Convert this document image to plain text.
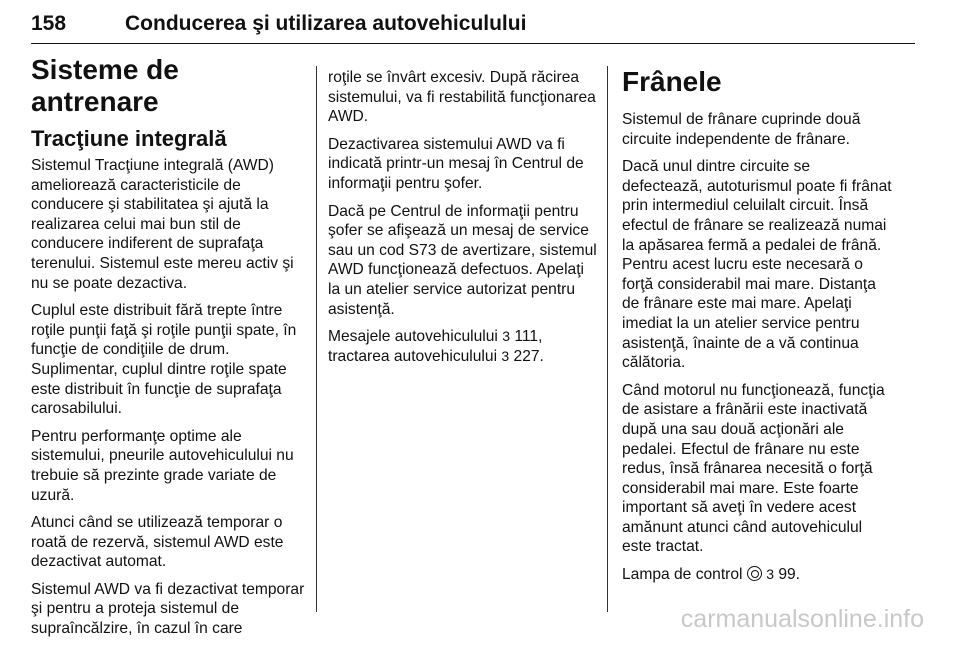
158	Conducerea şi utilizarea autovehiculului
Sisteme de antrenare
Tracţiune integrală

Sistemul Tracţiune integrală (AWD) ameliorează caracteristicile de conducere şi stabilitatea şi ajută la realizarea celui mai bun stil de conducere indiferent de suprafaţa terenului. Sistemul este mereu activ şi nu se poate dezactiva.

Cuplul este distribuit fără trepte între roţile punţii faţă şi roţile punţii spate, în funcţie de condiţiile de drum. Suplimentar, cuplul dintre roţile spate este distribuit în funcţie de suprafaţa carosabilului.

Pentru performanţe optime ale sistemului, pneurile autovehiculului nu trebuie să prezinte grade variate de uzură.

Atunci când se utilizează temporar o roată de rezervă, sistemul AWD este dezactivat automat.

Sistemul AWD va fi dezactivat temporar şi pentru a proteja sistemul de supraîncălzire, în cazul în care

roţile se învârt excesiv. După răcirea sistemului, va fi restabilită funcţionarea AWD.

Dezactivarea sistemului AWD va fi indicată printr-un mesaj în Centrul de informaţii pentru şofer.

Dacă pe Centrul de informaţii pentru şofer se afişează un mesaj de service sau un cod S73 de avertizare, sistemul AWD funcţionează defectuos. Apelaţi la un atelier service autorizat pentru asistenţă.

Mesajele autovehiculului 3 111,
tractarea autovehiculului 3 227.

Frânele

Sistemul de frânare cuprinde două circuite independente de frânare.

Dacă unul dintre circuite se defectează, autoturismul poate fi frânat prin intermediul celuilalt circuit. Însă efectul de frânare se realizează numai la apăsarea fermă a pedalei de frână. Pentru acest lucru este necesară o forţă considerabil mai mare. Distanţa de frânare este mai mare. Apelaţi imediat la un atelier service pentru asistenţă, înainte de a vă continua călătoria.

Când motorul nu funcţionează, funcţia de asistare a frânării este inactivată după una sau două acţionări ale pedalei. Efectul de frânare nu este redus, însă frânarea necesită o forţă considerabil mai mare. Este foarte important să aveţi în vedere acest amănunt atunci când autovehiculul este tractat.

Lampa de control 3 99.

carmanualsonline.info
